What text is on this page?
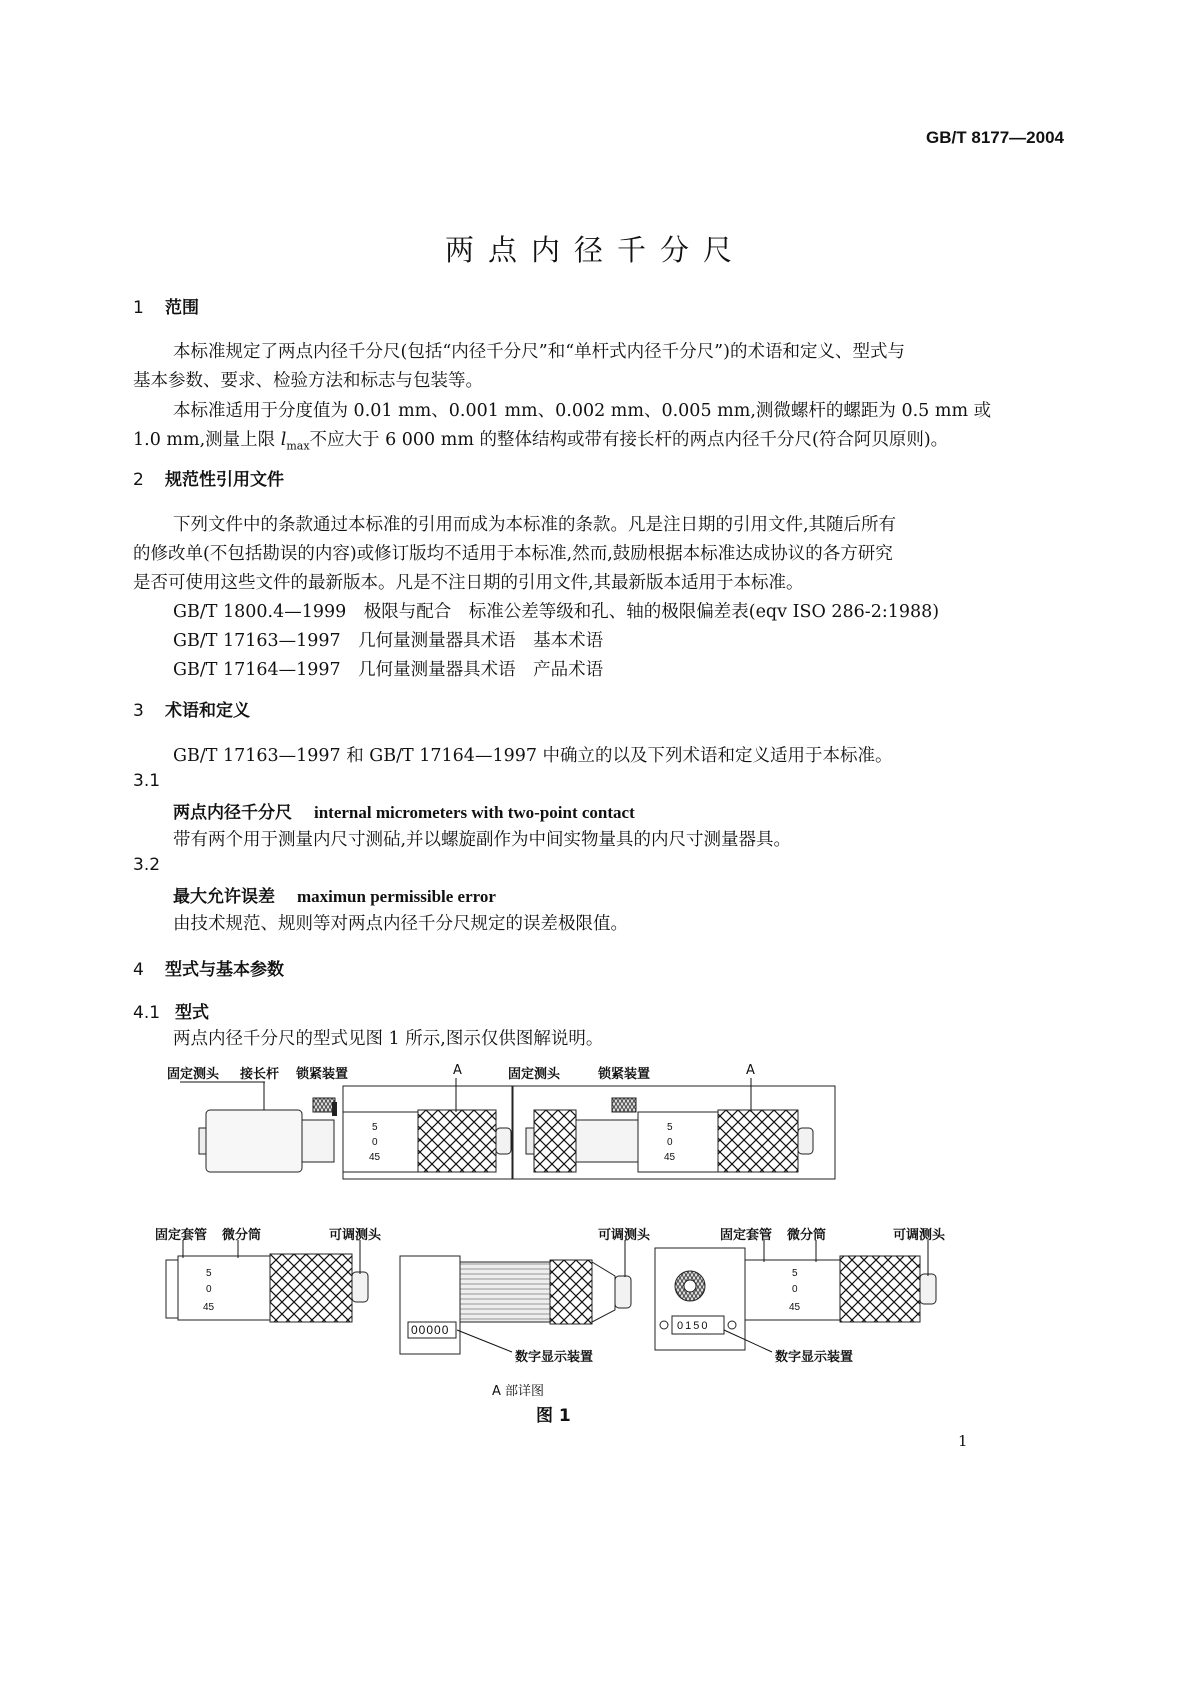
GB/T 8177—2004
两点内径千分尺
1 范围
本标准规定了两点内径千分尺(包括“内径千分尺”和“单杆式内径千分尺”)的术语和定义、型式与
基本参数、要求、检验方法和标志与包装等。
本标准适用于分度值为 0.01 mm、0.001 mm、0.002 mm、0.005 mm,测微螺杆的螺距为 0.5 mm 或
1.0 mm,测量上限 $l_{max}$不应大于 6 000 mm 的整体结构或带有接长杆的两点内径千分尺(符合阿贝原则)。
2 规范性引用文件
下列文件中的条款通过本标准的引用而成为本标准的条款。凡是注日期的引用文件,其随后所有
的修改单(不包括勘误的内容)或修订版均不适用于本标准,然而,鼓励根据本标准达成协议的各方研究
是否可使用这些文件的最新版本。凡是不注日期的引用文件,其最新版本适用于本标准。
GB/T 1800.4—1999　极限与配合　标准公差等级和孔、轴的极限偏差表(eqv ISO 286-2:1988)
GB/T 17163—1997　几何量测量器具术语　基本术语
GB/T 17164—1997　几何量测量器具术语　产品术语
3 术语和定义
GB/T 17163—1997 和 GB/T 17164—1997 中确立的以及下列术语和定义适用于本标准。
3.1
两点内径千分尺 internal micrometers with two-point contact
带有两个用于测量内尺寸测砧,并以螺旋副作为中间实物量具的内尺寸测量器具。
3.2
最大允许误差 maximun permissible error
由技术规范、规则等对两点内径千分尺规定的误差极限值。
4 型式与基本参数
4.1 型式
两点内径千分尺的型式见图 1 所示,图示仅供图解说明。
固定测头 接长杆 锁紧装置	A	固定测头	锁紧装置	A
固定套管 微分筒	可调测头	可调测头	固定套管 微分筒	可调测头
数字显示装置	数字显示装置
A 部详图
图 1
5
0
45
5
0
45
5
0
45
5
0
45
00000	0150
1
